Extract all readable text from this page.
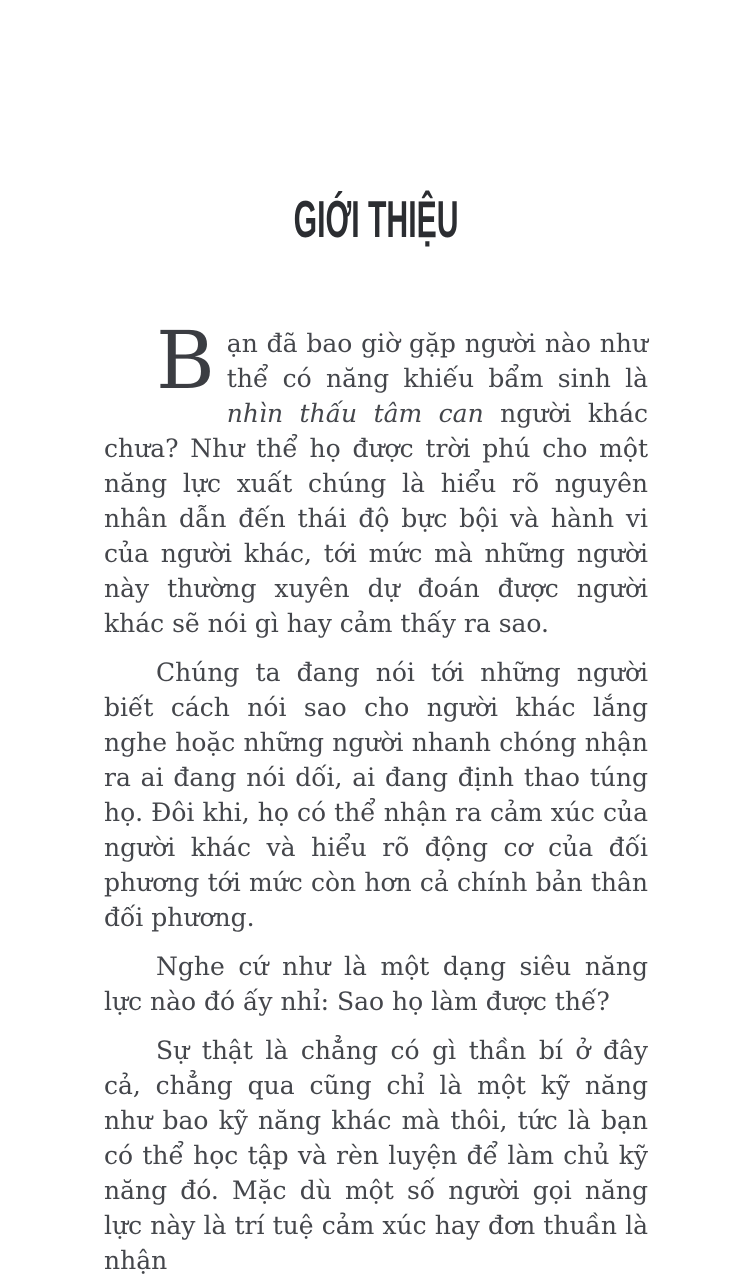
GIỚI THIỆU

Bạn đã bao giờ gặp người nào như thể có năng khiếu bẩm sinh là nhìn thấu tâm can người khác chưa? Như thể họ được trời phú cho một năng lực xuất chúng là hiểu rõ nguyên nhân dẫn đến thái độ bực bội và hành vi của người khác, tới mức mà những người này thường xuyên dự đoán được người khác sẽ nói gì hay cảm thấy ra sao.

Chúng ta đang nói tới những người biết cách nói sao cho người khác lắng nghe hoặc những người nhanh chóng nhận ra ai đang nói dối, ai đang định thao túng họ. Đôi khi, họ có thể nhận ra cảm xúc của người khác và hiểu rõ động cơ của đối phương tới mức còn hơn cả chính bản thân đối phương.

Nghe cứ như là một dạng siêu năng lực nào đó ấy nhỉ: Sao họ làm được thế?

Sự thật là chẳng có gì thần bí ở đây cả, chẳng qua cũng chỉ là một kỹ năng như bao kỹ năng khác mà thôi, tức là bạn có thể học tập và rèn luyện để làm chủ kỹ năng đó. Mặc dù một số người gọi năng lực này là trí tuệ cảm xúc hay đơn thuần là nhận
